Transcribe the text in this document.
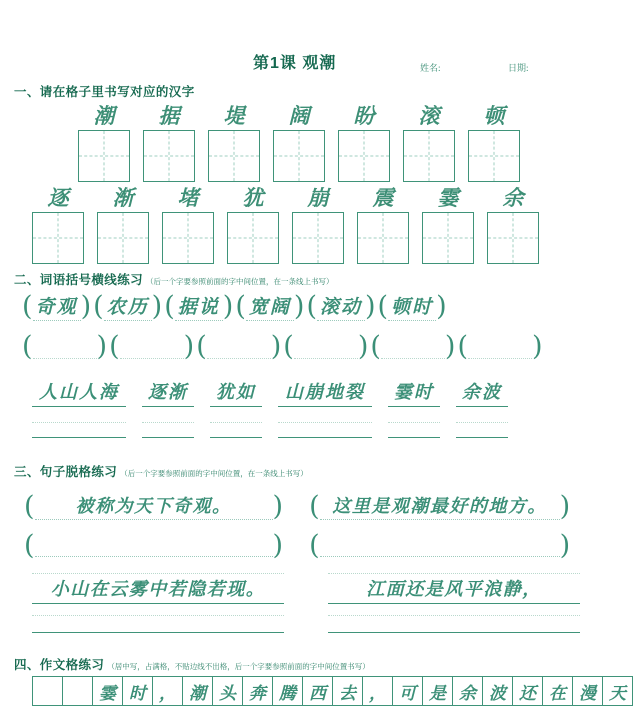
第1课 观潮	姓名:	日期:
一、请在格子里书写对应的汉字
潮 据 堤 阔 盼 滚 顿
逐 渐 堵 犹 崩 震 霎 余
二、词语括号横线练习 （后一个字要参照前面的字中间位置，在一条线上书写）
( 奇观 ) ( 农历 ) ( 据说 ) ( 宽阔 ) ( 滚动 ) ( 顿时 )
(
) (
) (
) (
) (
) (
)
人山人海	逐渐	犹如	山崩地裂	霎时	余波
三、句子脱格练习 （后一个字要参照前面的字中间位置，在一条线上书写）
(	被称为天下奇观。	) ( 这里是观潮最好的地方。 )
(
	) (
	)
小山在云雾中若隐若现。	江面还是风平浪静，
四、作文格练习 （居中写，占满格，不贴边线不出格，后一个字要参照前面的字中间位置书写）
霎 时 ， 潮 头 奔 腾 西 去 ， 可 是 余 波 还 在 漫 天
